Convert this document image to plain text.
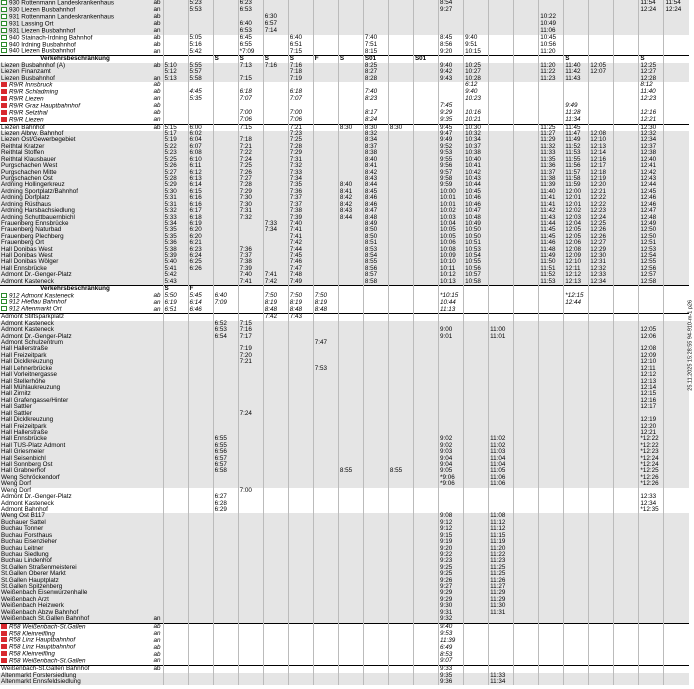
930 Rottenmann Landeskrankenhaus	ab		5:23		6:23								8:54								11:54	11:54
930 Liezen Busbahnhof	an		5:53		6:53								9:27								12:24	12:24
931 Rottenmann Landeskrankenhaus	ab					6:30											10:22					
931 Lassing Ort	ab				6:40	6:57											10:49					
931 Liezen Busbahnhof	an				6:53	7:14											11:06					
940 Stainach-Irdning Bahnhof	ab		5:05		6:45		6:40			7:40			8:45	9:40			10:45					
940 Irdning Busbahnhof	ab		5:16		6:55		6:51			7:51			8:56	9:51			10:56					
940 Liezen Busbahnhof	an		5:42		*7:09		7:15			8:15			9:20	10:15			11:20					
Verkehrsbeschränkung				S	S	S	S	F	S	S01		S01						S			S	
Liezen Busbahnhof (A)	ab	5:10	5:55		7:13	7:16	7:16			8:25			9:40	10:25			11:20	11:40	12:05		12:25	
Liezen Finanzamt		5:12	5:57				7:18			8:27			9:42	10:27			11:22	11:42	12:07		12:27	
Liezen Busbahnhof	an	5:13	5:58		7:15		7:19			8:28			9:43	10:28			11:23	11:43			12:28	
R9/R Innsbruck	ab													6:12							8:12	
R9/R Schladming	ab		4:45		6:18		6:18			7:40				9:40							11:40	
R9/R Liezen	an		5:35		7:07		7:07			8:23				10:23							12:23	
R9/R Graz Hauptbahnhof	ab												7:45					9:49				
R9/R Selzthal	ab				7:00		7:00			8:17			9:29	10:16				11:28			12:16	
R9/R Liezen	an				7:06		7:06			8:24			9:35	10:21				11:34			12:21	
Liezen Bahnhof	ab	5:15	6:00		7:15		7:21		8:30	8:30	8:30		9:45	10:30			11:25	11:45			12:30	
Liezen Albrw. Bahnhof		5:17	6:02				7:23			8:32			9:47	10:32			11:27	11:47	12:08		12:32	
Liezen Ost/Gewerbegebiet		5:19	6:04		7:18		7:25			8:34			9:49	10:34			11:29	11:49	12:10		12:34	
Reithtal Kratzer		5:22	6:07		7:21		7:28			8:37			9:52	10:37			11:32	11:52	12:13		12:37	
Reithtal Stoffen		5:23	6:08		7:22		7:29			8:38			9:53	10:38			11:33	11:53	12:14		12:38	
Reithtal Klausbauer		5:25	6:10		7:24		7:31			8:40			9:55	10:40			11:35	11:55	12:16		12:40	
Purgschachen West		5:26	6:11		7:25		7:32			8:41			9:56	10:41			11:36	11:56	12:17		12:41	
Purgschachen Mitte		5:27	6:12		7:26		7:33			8:42			9:57	10:42			11:37	11:57	12:18		12:42	
Purgschachen Ost		5:28	6:13		7:27		7:34			8:43			9:58	10:43			11:38	11:58	12:19		12:43	
Ardning Hollingerkreuz		5:29	6:14		7:28		7:35		8:40	8:44			9:59	10:44			11:39	11:59	12:20		12:44	
Ardning Sportplatz/Bahnhof		5:30	6:15		7:29		7:36		8:41	8:45			10:00	10:45			11:40	12:00	12:21		12:45	
Ardning Dorfplatz		5:31	6:16		7:30		7:37		8:42	8:46			10:01	10:46			11:41	12:01	12:22		12:46	
Ardning Rüsthaus		5:31	6:16		7:30		7:37		8:42	8:46			10:01	10:46			11:41	12:01	12:22		12:46	
Ardning Harsbachsiedlung		5:32	6:17		7:31		7:38		8:43	8:47			10:02	10:47			11:42	12:02	12:23		12:47	
Ardning Schuttbauernbichl		5:33	6:18		7:32		7:39		8:44	8:48			10:03	10:48			11:43	12:03	12:24		12:48	
Frauenberg Ennsbrücke		5:34	6:19			7:33	7:40			8:49			10:04	10:49			11:44	12:04	12:25		12:49	
Frauenberg Naturbad		5:35	6:20			7:34	7:41			8:50			10:05	10:50			11:45	12:05	12:26		12:50	
Frauenberg Plechberg		5:35	6:20				7:41			8:50			10:05	10:50			11:45	12:05	12:26		12:50	
Frauenberg Ort		5:36	6:21				7:42			8:51			10:06	10:51			11:46	12:06	12:27		12:51	
Hall Donibas West		5:38	6:23		7:36		7:44			8:53			10:08	10:53			11:48	12:08	12:29		12:53	
Hall Donibas West		5:39	6:24		7:37		7:45			8:54			10:09	10:54			11:49	12:09	12:30		12:54	
Hall Donibas Wölger		5:40	6:25		7:38		7:46			8:55			10:10	10:55			11:50	12:10	12:31		12:55	
Hall Ennsbrücke		5:41	6:26		7:39		7:47			8:56			10:11	10:56			11:51	12:11	12:32		12:56	
Admont Dr.-Genger-Platz		5:42			7:40	7:41	7:48			8:57			10:12	10:57			11:52	12:12	12:33		12:57	
Admont Kasteneck		5:43			7:41	7:42	7:49			8:58			10:13	10:58			11:53	12:13	12:34		12:58	
Verkehrsbeschränkung		S	F																			
912 Admont Kasteneck	ab	5:50	5:45	6:40		7:50	7:50	7:50					*10:15					*12:15				
912 Hieflau Bahnhof	an	6:19	6:14	7:09		8:19	8:19	8:19					10:44					12:44				
912 Altenmarkt Ort	an	6:51	6:46			8:48	8:48	8:48					11:13									
Admont Stiftsparkplatz						7:42	7:43															
Admont Kasteneck				6:52	7:15																	
Admont Kasteneck				6:53	7:16								9:00		11:00						12:05	
Admont Dr.-Genger-Platz				6:54	7:17								9:01		11:01						12:06	
Admont Schulzentrum								7:47														
Hall Hallerstraße					7:19																12:08	
Hall Freizeitpark					7:20																12:09	
Hall Dicklkreuzung					7:21																12:10	
Hall Lehnerbrücke								7:53													12:11	
Hall Vorleitnergasse																					12:12	
Hall Stellerhöhe																					12:13	
Hall Mühlaukreuzung																					12:14	
Hall Zirnitz																					12:15	
Hall Grafengasse/Hinter																					12:16	
Hall Sattler																					12:17	
Hall Sattler					7:24																	
Hall Dicklkreuzung																					12:19	
Hall Freizeitpark																					12:20	
Hall Hallerstraße																					12:21	
Hall Ennsbrücke				6:55									9:02		11:02						*12:22	
Hall TUS-Platz Admont				6:55									9:02		11:02						*12:22	
Hall Griesmeier				6:56									9:03		11:03						*12:23	
Hall Seisenbichl				6:57									9:04		11:04						*12:24	
Hall Sonnberg Ost				6:57									9:04		11:04						*12:24	
Hall Grabnerhof				6:58					8:55		8:55		9:05		11:05						*12:25	
Weng Schröckendorf													*9:06		11:06						*12:26	
Weng Dorf													*9:06		11:06						*12:26	
Weng Dorf					7:00																	
Admont Dr.-Genger-Platz				6:27																	12:33	
Admont Kasteneck				6:28																	12:34	
Admont Bahnhof				6:29																	*12:35	
Weng Ost B117													9:08		11:08							
Buchauer Sattel													9:12		11:12							
Buchau Tonner													9:12		11:12							
Buchau Forsthaus													9:15		11:15							
Buchau Eisenzieher													9:19		11:19							
Buchau Leitner													9:20		11:20							
Buchau Siedlung													9:22		11:22							
Buchau Lindenhof													9:23		11:23							
St.Gallen Straßenmeisterei													9:25		11:25							
St.Gallen Oberer Markt													9:25		11:25							
St.Gallen Hauptplatz													9:26		11:26							
St.Gallen Spitzenberg													9:27		11:27							
Weißenbach Eisenwurzenhalle													9:29		11:29							
Weißenbach Arzt													9:29		11:29							
Weißenbach Heizwerk													9:30		11:30							
Weißenbach Abzw Bahnhof													9:31		11:31							
Weißenbach St.Gallen Bahnhof	an												9:32									
R58 Weißenbach-St.Gallen	ab												9:40									
R58 Kleinreifling	an												9:53									
R58 Linz Hauptbahnhof	an												11:39									
R58 Linz Hauptbahnhof	ab												6:49									
R58 Kleinreifling	ab												8:53									
R58 Weißenbach-St.Gallen	an												9:07									
Weißenbach-St.Gallen Bahnhof	ab												9:33									
Altenmarkt Forstersiedlung													9:35		11:33							
Altenmarkt Ennsfeldsiedlung													9:36		11:34							
25.11.2025 15:28:55 94-910-m-1 p26
